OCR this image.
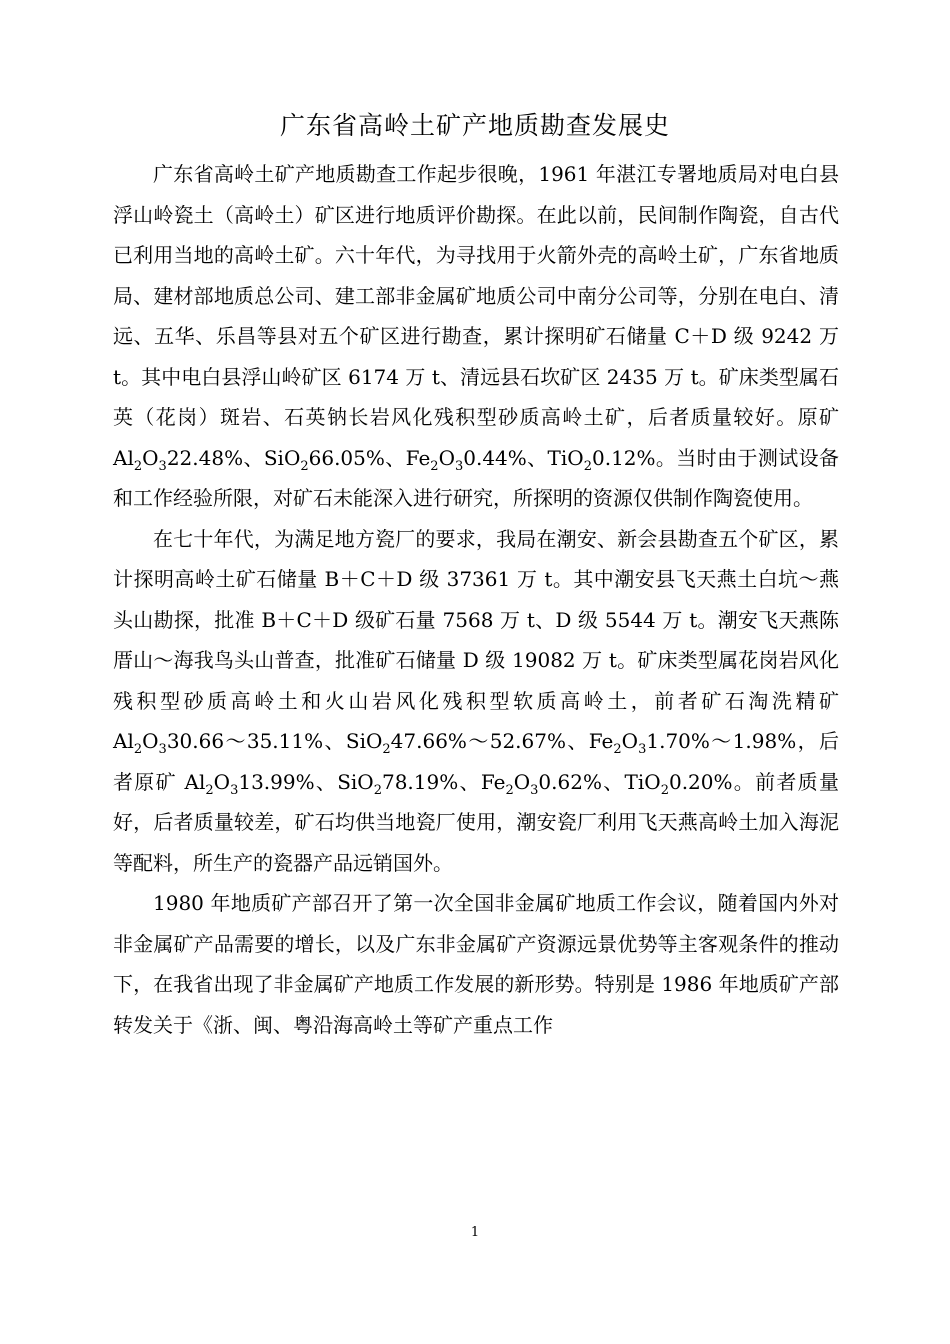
广东省高岭土矿产地质勘查发展史

广东省高岭土矿产地质勘查工作起步很晚，1961 年湛江专署地质局对电白县浮山岭瓷土（高岭土）矿区进行地质评价勘探。在此以前，民间制作陶瓷，自古代已利用当地的高岭土矿。六十年代，为寻找用于火箭外壳的高岭土矿，广东省地质局、建材部地质总公司、建工部非金属矿地质公司中南分公司等，分别在电白、清远、五华、乐昌等县对五个矿区进行勘查，累计探明矿石储量 C＋D 级 9242 万 t。其中电白县浮山岭矿区 6174 万 t、清远县石坎矿区 2435 万 t。矿床类型属石英（花岗）斑岩、石英钠长岩风化残积型砂质高岭土矿，后者质量较好。原矿 $Al_2O_322.48\%$、SiO$_2$66.05%、$Fe_2O_30.44\%$、TiO$_2$0.12%。当时由于测试设备和工作经验所限，对矿石未能深入进行研究，所探明的资源仅供制作陶瓷使用。

在七十年代，为满足地方瓷厂的要求，我局在潮安、新会县勘查五个矿区，累计探明高岭土矿石储量 B＋C＋D 级 37361 万 t。其中潮安县飞天燕土白坑～燕头山勘探，批准 B＋C＋D 级矿石量 7568 万 t、D 级 5544 万 t。潮安飞天燕陈厝山～海我鸟头山普查，批准矿石储量 D 级 19082 万 t。矿床类型属花岗岩风化残积型砂质高岭土和火山岩风化残积型软质高岭土，前者矿石淘洗精矿 $Al_2O_330.66\sim 35.11\%$、SiO$_2$47.66%～52.67%、$Fe_2O_31.70\%\sim 1.98\%$，后者原矿 $Al_2O_313.99\%$、SiO$_2$78.19%、$Fe_2O_30.62\%$、TiO$_2$0.20%。前者质量好，后者质量较差，矿石均供当地瓷厂使用，潮安瓷厂利用飞天燕高岭土加入海泥等配料，所生产的瓷器产品远销国外。

1980 年地质矿产部召开了第一次全国非金属矿地质工作会议，随着国内外对非金属矿产品需要的增长，以及广东非金属矿产资源远景优势等主客观条件的推动下，在我省出现了非金属矿产地质工作发展的新形势。特别是 1986 年地质矿产部转发关于《浙、闽、粤沿海高岭土等矿产重点工作

1
